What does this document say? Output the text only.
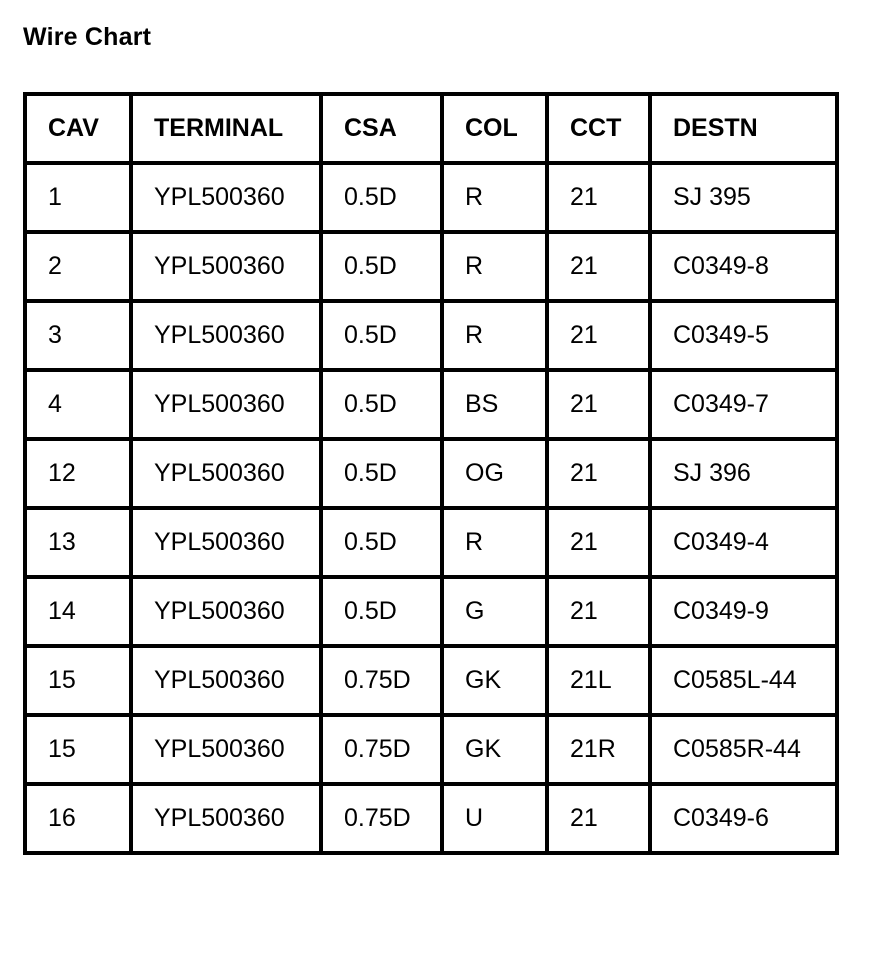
Wire Chart
CAV	TERMINAL	CSA	COL	CCT	DESTN
1	YPL500360	0.5D	R	21	SJ 395
2	YPL500360	0.5D	R	21	C0349-8
3	YPL500360	0.5D	R	21	C0349-5
4	YPL500360	0.5D	BS	21	C0349-7
12	YPL500360	0.5D	OG	21	SJ 396
13	YPL500360	0.5D	R	21	C0349-4
14	YPL500360	0.5D	G	21	C0349-9
15	YPL500360	0.75D	GK	21L	C0585L-44
15	YPL500360	0.75D	GK	21R	C0585R-44
16	YPL500360	0.75D	U	21	C0349-6
